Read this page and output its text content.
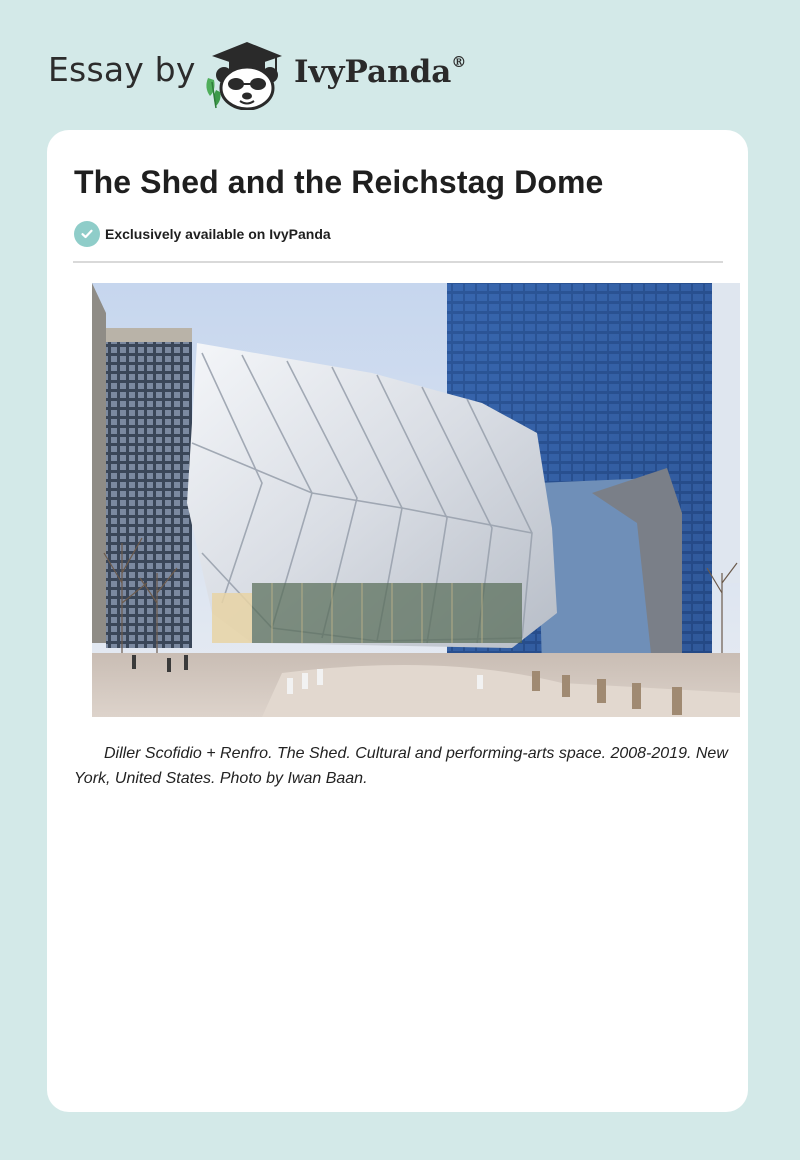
Essay by	IvyPanda®
The Shed and the Reichstag Dome
Exclusively available on IvyPanda

Diller Scofidio + Renfro. The Shed. Cultural and performing-arts space. 2008-2019. New York, United States. Photo by Iwan Baan.
